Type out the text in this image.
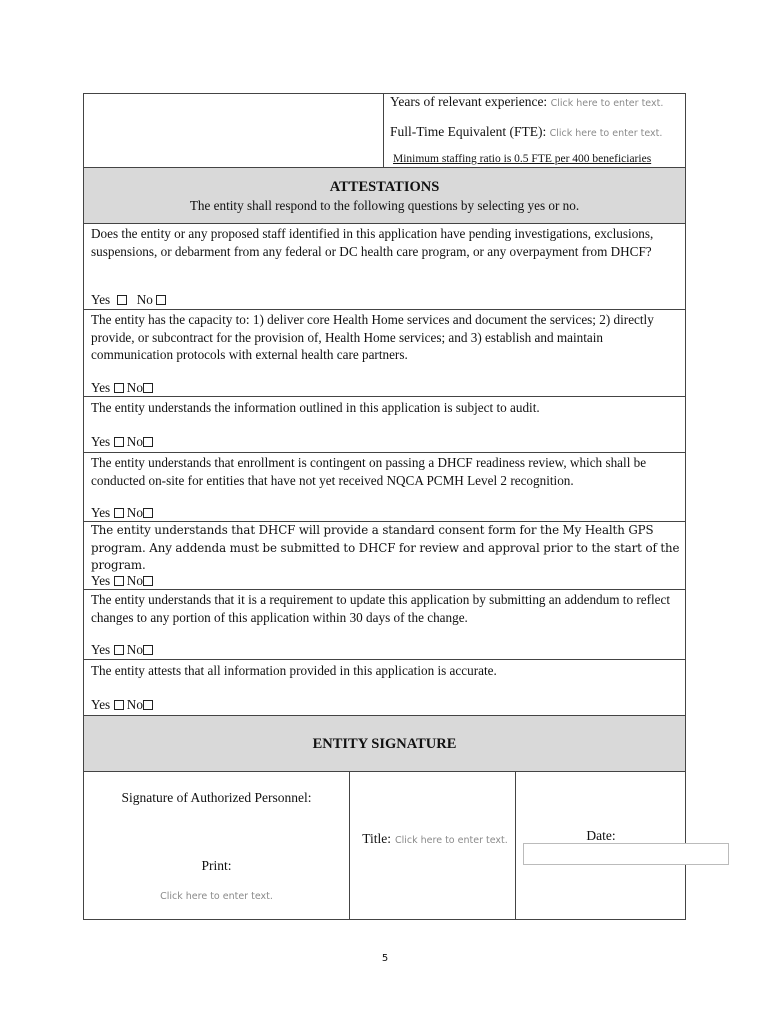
Years of relevant experience: Click here to enter text.
Full-Time Equivalent (FTE): Click here to enter text.
Minimum staffing ratio is 0.5 FTE per 400 beneficiaries
ATTESTATIONS
The entity shall respond to the following questions by selecting yes or no.
Does the entity or any proposed staff identified in this application have pending investigations, exclusions, suspensions, or debarment from any federal or DC health care program, or any overpayment from DHCF?
Yes No
The entity has the capacity to: 1) deliver core Health Home services and document the services; 2) directly provide, or subcontract for the provision of, Health Home services; and 3) establish and maintain communication protocols with external health care partners.
Yes No
The entity understands the information outlined in this application is subject to audit.
Yes No
The entity understands that enrollment is contingent on passing a DHCF readiness review, which shall be conducted on-site for entities that have not yet received NQCA PCMH Level 2 recognition.
Yes No
The entity understands that DHCF will provide a standard consent form for the My Health GPS program. Any addenda must be submitted to DHCF for review and approval prior to the start of the program.
Yes No
The entity understands that it is a requirement to update this application by submitting an addendum to reflect changes to any portion of this application within 30 days of the change.
Yes No
The entity attests that all information provided in this application is accurate.
Yes No
ENTITY SIGNATURE
Signature of Authorized Personnel:
Print:
Click here to enter text.
Title: Click here to enter text.	Date:
5
